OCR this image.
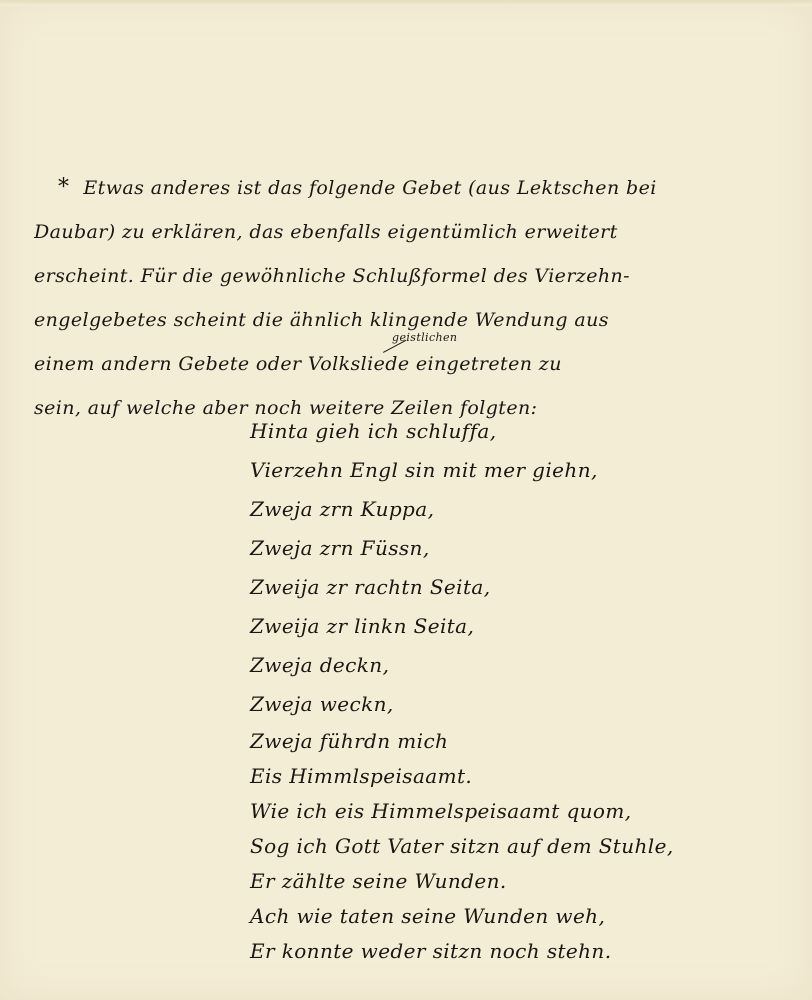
* Etwas anderes ist das folgende Gebet (aus Lektschen bei
Daubar) zu erklären, das ebenfalls eigentümlich erweitert
erscheint. Für die gewöhnliche Schlußformel des Vierzehn-
engelgebetes scheint die ähnlich klingende Wendung aus
einem andern Gebete oder Volksliede eingetreten zu
sein, auf welche aber noch weitere Zeilen folgten:
geistlichen
Hinta gieh ich schluffa,
Vierzehn Engl sin mit mer giehn,
Zweja zrn Kuppa,
Zweja zrn Füssn,
Zweija zr rachtn Seita,
Zweija zr linkn Seita,
Zweja deckn,
Zweja weckn,
Zweja führdn mich
Eis Himmlspeisaamt.
Wie ich eis Himmelspeisaamt quom,
Sog ich Gott Vater sitzn auf dem Stuhle,
Er zählte seine Wunden.
Ach wie taten seine Wunden weh,
Er konnte weder sitzn noch stehn.
